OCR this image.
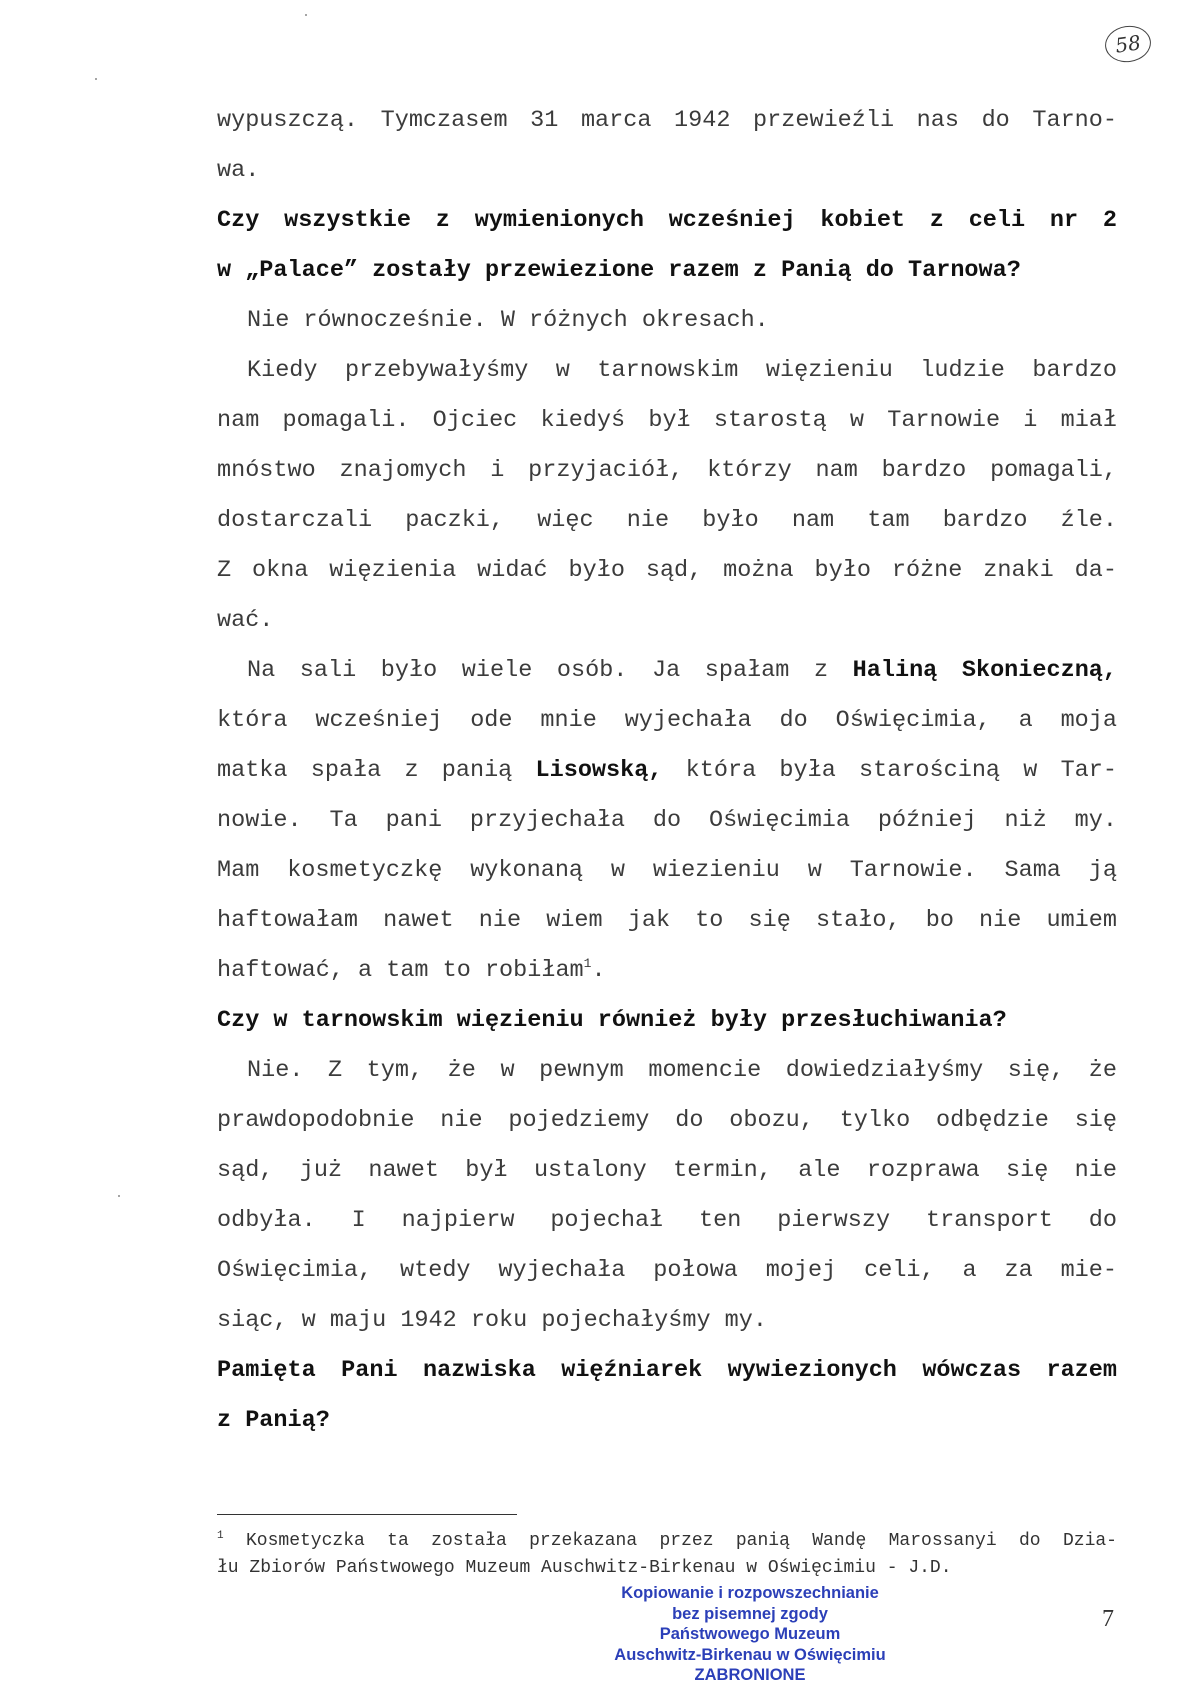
58
wypuszczą. Tymczasem 31 marca 1942 przewieźli nas do Tarno-
wa.
Czy wszystkie z wymienionych wcześniej kobiet z celi nr 2
w „Palace” zostały przewiezione razem z Panią do Tarnowa?
Nie równocześnie. W różnych okresach.
Kiedy przebywałyśmy w tarnowskim więzieniu ludzie bardzo
nam pomagali. Ojciec kiedyś był starostą w Tarnowie i miał
mnóstwo znajomych i przyjaciół, którzy nam bardzo pomagali,
dostarczali paczki, więc nie było nam tam bardzo źle.
Z okna więzienia widać było sąd, można było różne znaki da-
wać.
Na sali było wiele osób. Ja spałam z Haliną Skonieczną,
która wcześniej ode mnie wyjechała do Oświęcimia, a moja
matka spała z panią Lisowską, która była starościną w Tar-
nowie. Ta pani przyjechała do Oświęcimia później niż my.
Mam kosmetyczkę wykonaną w wiezieniu w Tarnowie. Sama ją
haftowałam nawet nie wiem jak to się stało, bo nie umiem
haftować, a tam to robiłam$^1$.
Czy w tarnowskim więzieniu również były przesłuchiwania?
Nie. Z tym, że w pewnym momencie dowiedziałyśmy się, że
prawdopodobnie nie pojedziemy do obozu, tylko odbędzie się
sąd, już nawet był ustalony termin, ale rozprawa się nie
odbyła. I najpierw pojechał ten pierwszy transport do
Oświęcimia, wtedy wyjechała połowa mojej celi, a za mie-
siąc, w maju 1942 roku pojechałyśmy my.
Pamięta Pani nazwiska więźniarek wywiezionych wówczas razem
z Panią?
$^1$ Kosmetyczka ta została przekazana przez panią Wandę Marossanyi do Dzia-
łu Zbiorów Państwowego Muzeum Auschwitz-Birkenau w Oświęcimiu - J.D.
Kopiowanie i rozpowszechnianie
bez pisemnej zgody
Państwowego Muzeum
Auschwitz-Birkenau w Oświęcimiu
ZABRONIONE
7
